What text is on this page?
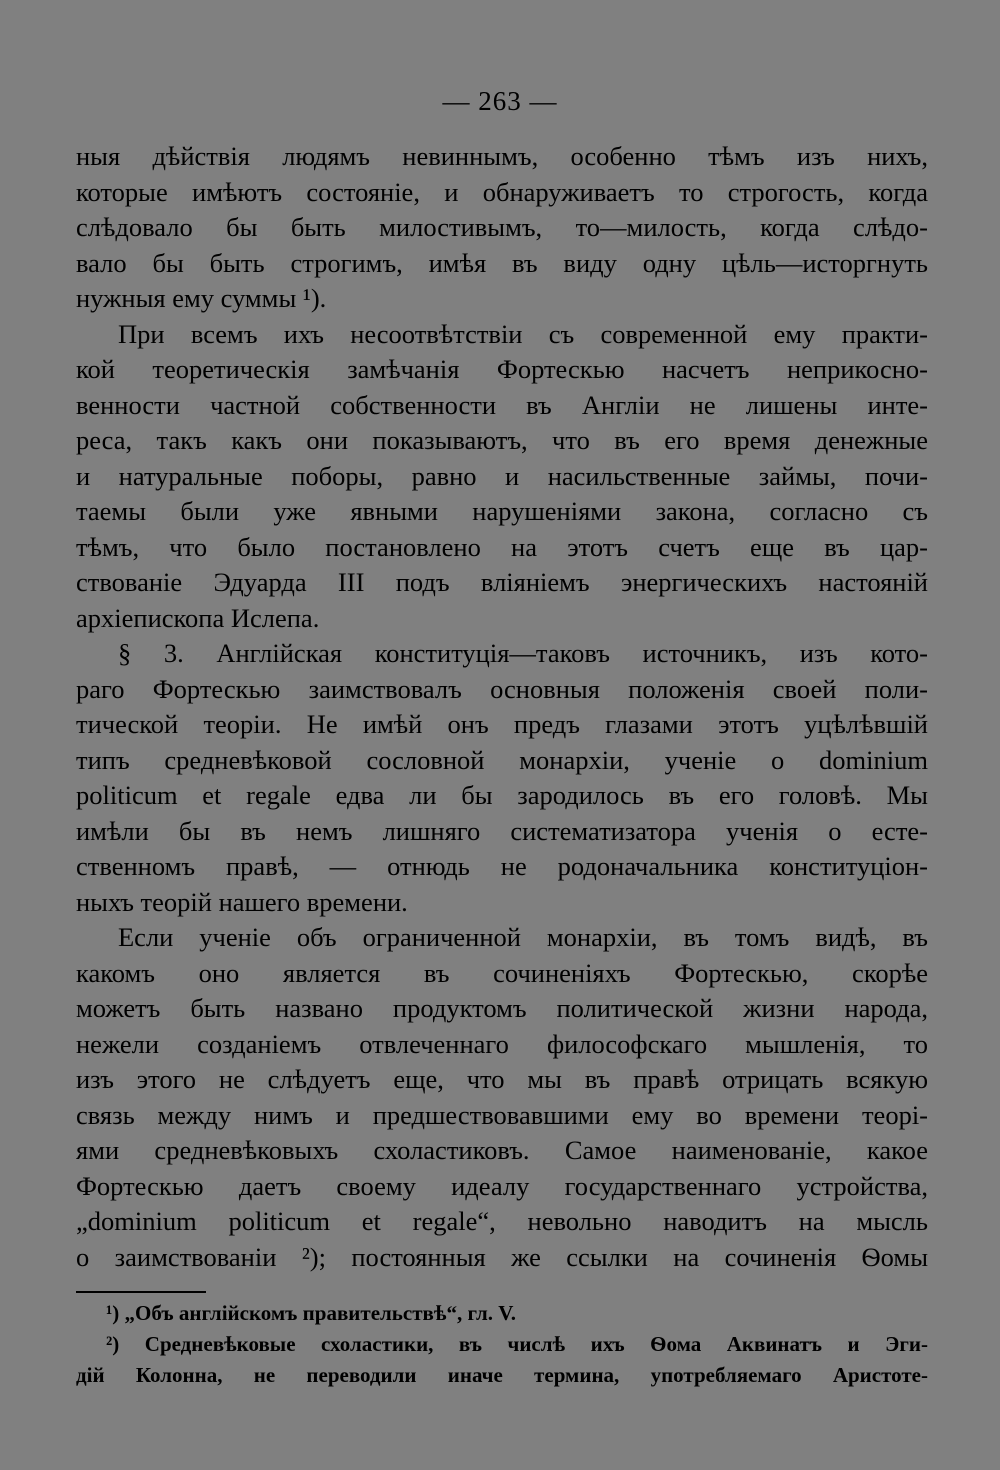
— 263 —
ныя дѣйствія людямъ невиннымъ, особенно тѣмъ изъ нихъ,
которые имѣютъ состояніе, и обнаруживаетъ то строгость, когда
слѣдовало бы быть милостивымъ, то—милость, когда слѣдо-
вало бы быть строгимъ, имѣя въ виду одну цѣль—исторгнуть
нужныя ему суммы ¹).
При всемъ ихъ несоотвѣтствіи съ современной ему практи-
кой теоретическія замѣчанія Фортескью насчетъ неприкосно-
венности частной собственности въ Англіи не лишены инте-
реса, такъ какъ они показываютъ, что въ его время денежные
и натуральные поборы, равно и насильственные займы, почи-
таемы были уже явными нарушеніями закона, согласно съ
тѣмъ, что было постановлено на этотъ счетъ еще въ цар-
ствованіе Эдуарда III подъ вліяніемъ энергическихъ настояній
архіепископа Ислепа.
§ 3. Англійская конституція—таковъ источникъ, изъ кото-
раго Фортескью заимствовалъ основныя положенія своей поли-
тической теоріи. Не имѣй онъ предъ глазами этотъ уцѣлѣвшій
типъ средневѣковой сословной монархіи, ученіе о dominium
politicum et regale едва ли бы зародилось въ его головѣ. Мы
имѣли бы въ немъ лишняго систематизатора ученія о есте-
ственномъ правѣ, — отнюдь не родоначальника конституціон-
ныхъ теорій нашего времени.
Если ученіе объ ограниченной монархіи, въ томъ видѣ, въ
какомъ оно является въ сочиненіяхъ Фортескью, скорѣе
можетъ быть названо продуктомъ политической жизни народа,
нежели созданіемъ отвлеченнаго философскаго мышленія, то
изъ этого не слѣдуетъ еще, что мы въ правѣ отрицать всякую
связь между нимъ и предшествовавшими ему во времени теорі-
ями средневѣковыхъ схоластиковъ. Самое наименованіе, какое
Фортескью даетъ своему идеалу государственнаго устройства,
„dominium politicum et regale“, невольно наводитъ на мысль
о заимствованіи ²); постоянныя же ссылки на сочиненія Ѳомы
¹) „Объ англійскомъ правительствѣ“, гл. V.
²) Средневѣковые схоластики, въ числѣ ихъ Ѳома Аквинатъ и Эги-
дій Колонна, не переводили иначе термина, употребляемаго Аристоте-
